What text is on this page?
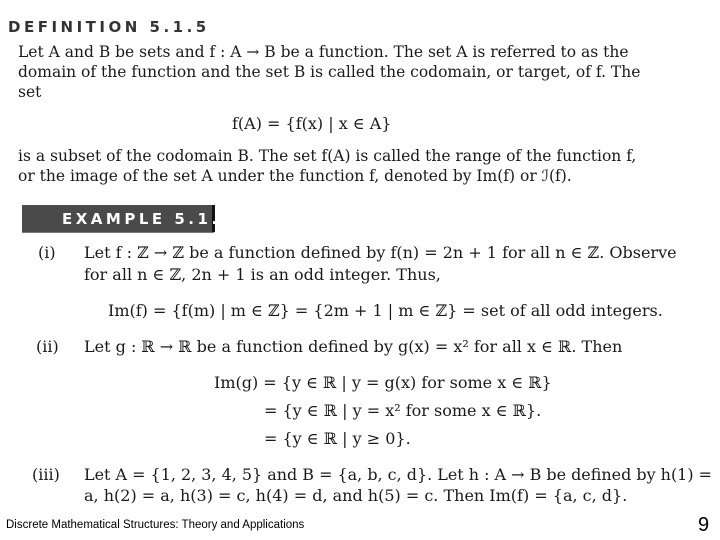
DEFINITION 5.1.5
Let A and B be sets and f : A → B be a function. The set A is referred to as the
domain of the function and the set B is called the codomain, or target, of f. The
set
f(A) = {f(x) | x ∈ A}
is a subset of the codomain B. The set f(A) is called the range of the function f,
or the image of the set A under the function f, denoted by Im(f) or ℐ(f).
EXAMPLE 5.1.6
(i) Let f : ℤ → ℤ be a function defined by f(n) = 2n + 1 for all n ∈ ℤ. Observe
for all n ∈ ℤ, 2n + 1 is an odd integer. Thus,
Im(f) = {f(m) | m ∈ ℤ} = {2m + 1 | m ∈ ℤ} = set of all odd integers.
(ii) Let g : ℝ → ℝ be a function defined by g(x) = x² for all x ∈ ℝ. Then
Im(g) = {y ∈ ℝ | y = g(x) for some x ∈ ℝ}
= {y ∈ ℝ | y = x² for some x ∈ ℝ}.
= {y ∈ ℝ | y ≥ 0}.
(iii) Let A = {1, 2, 3, 4, 5} and B = {a, b, c, d}. Let h : A → B be defined by h(1) =
a, h(2) = a, h(3) = c, h(4) = d, and h(5) = c. Then Im(f) = {a, c, d}.
Discrete Mathematical Structures: Theory and Applications	9
